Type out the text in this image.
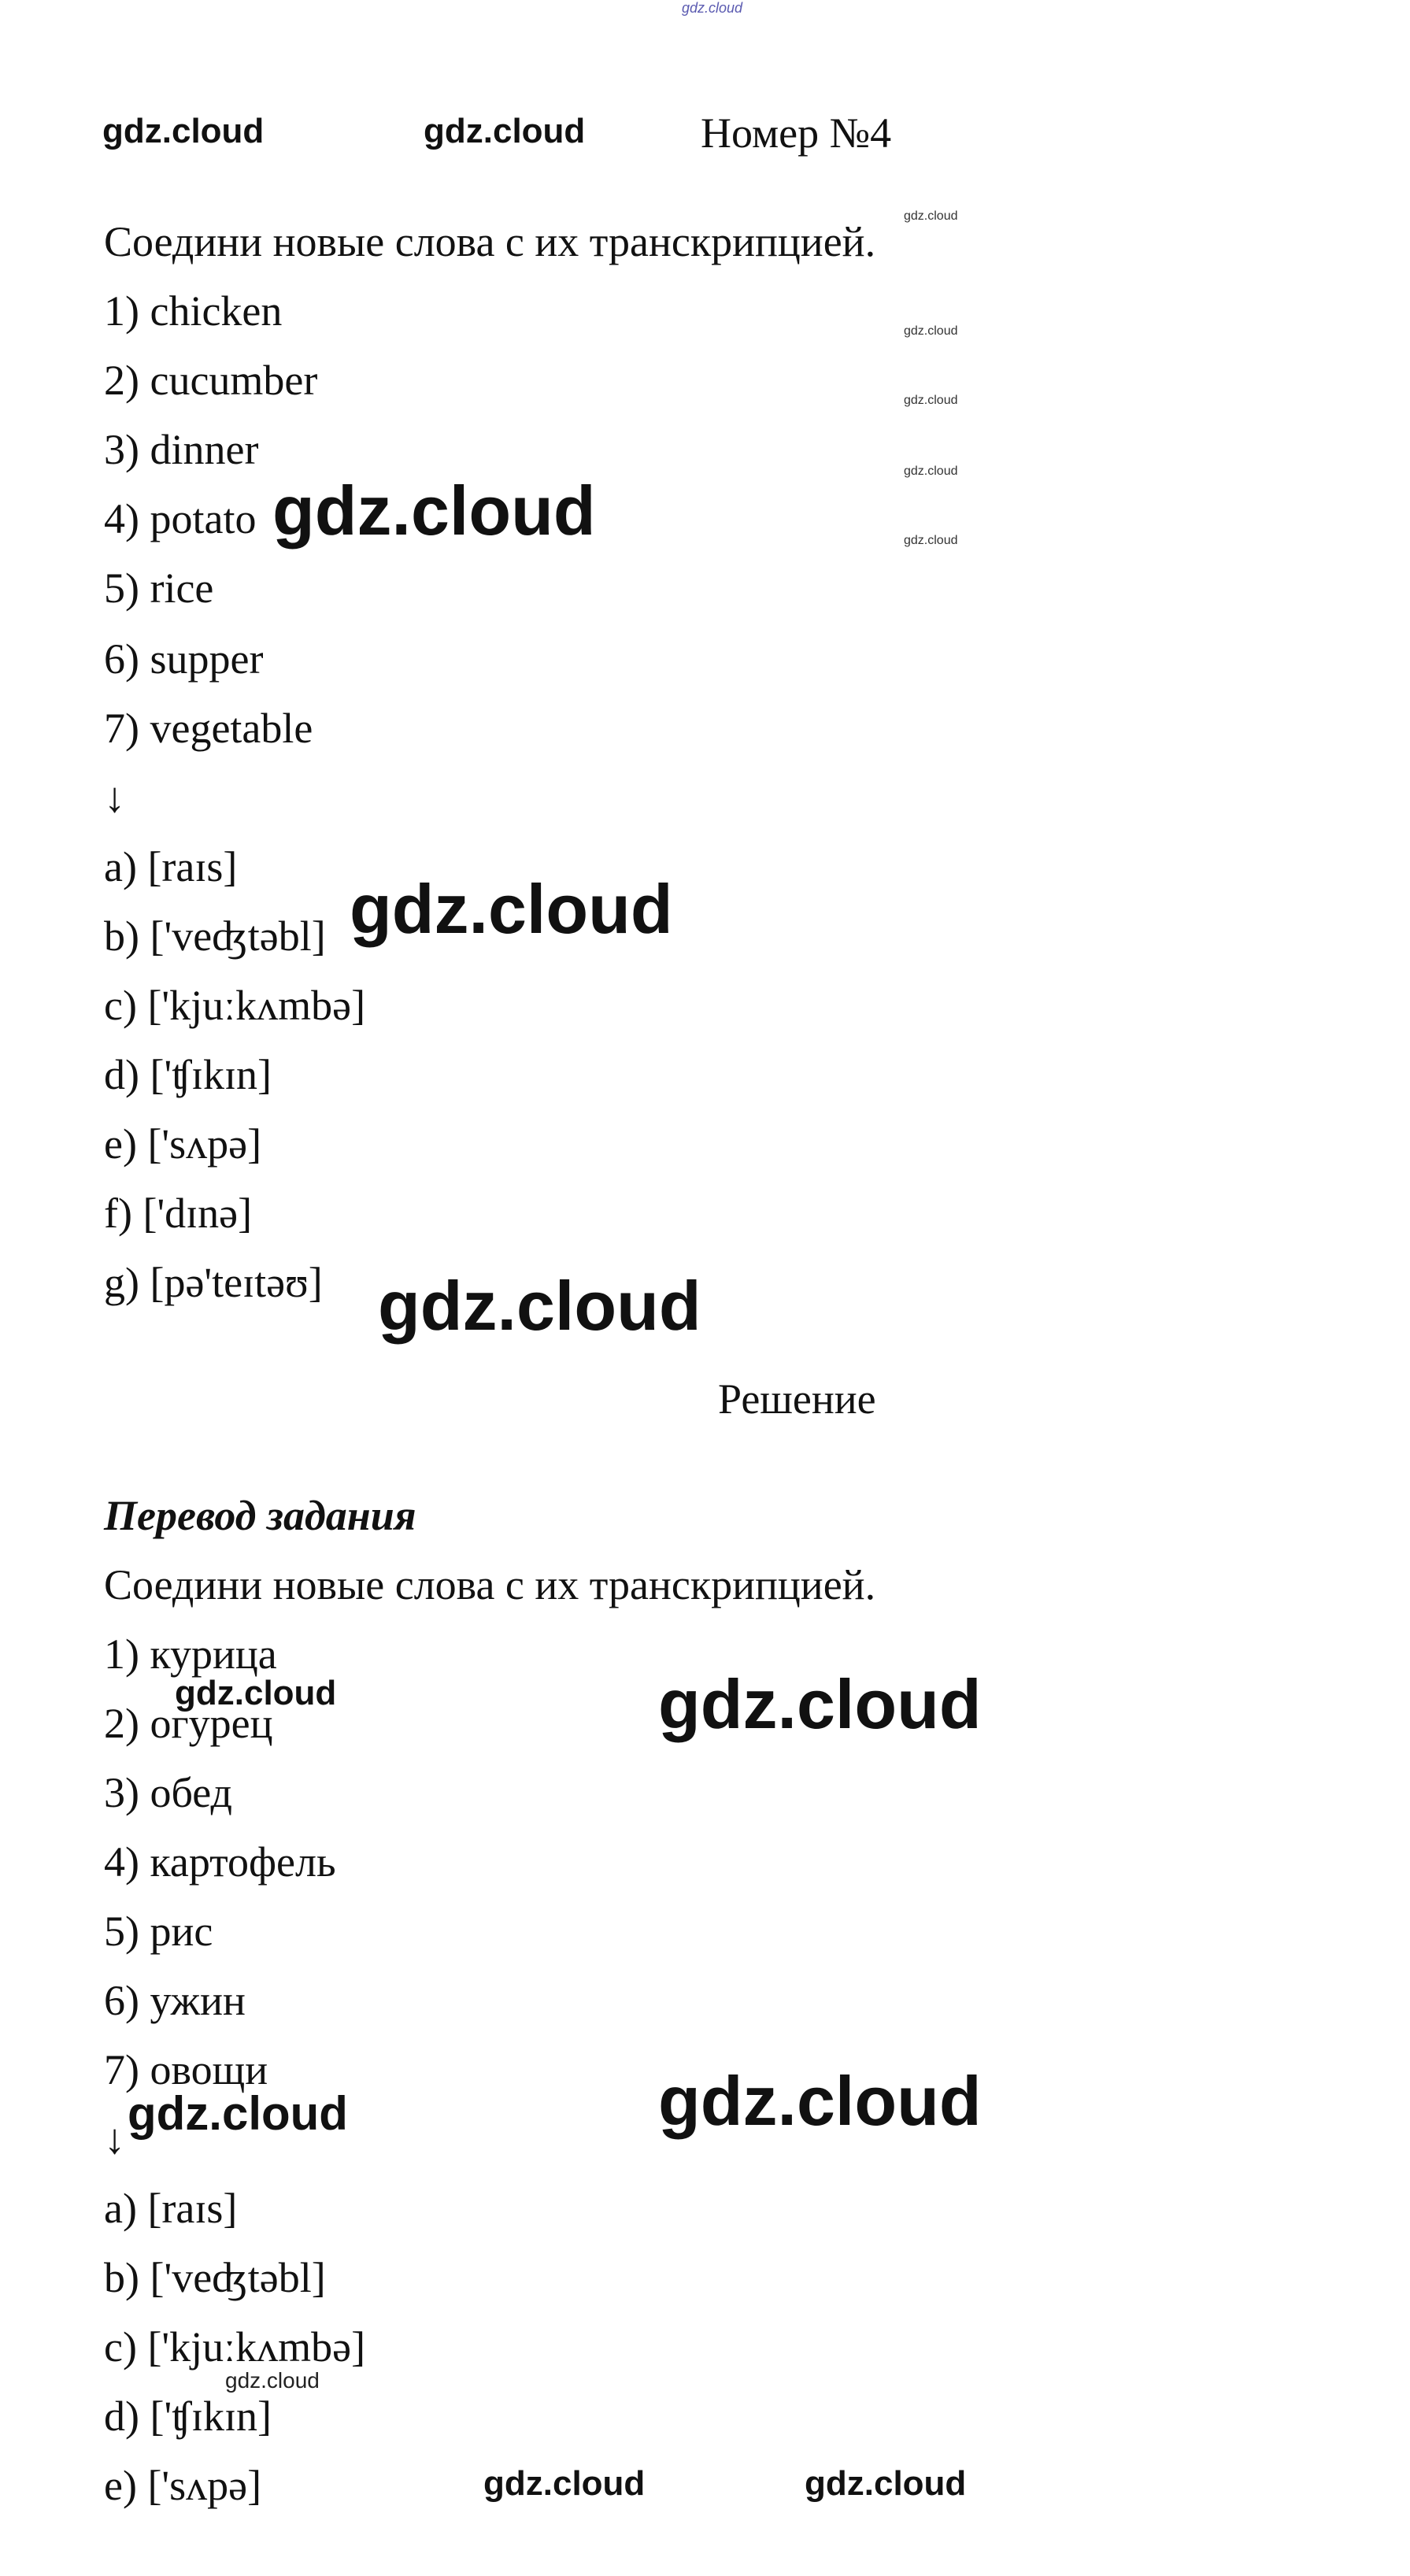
gdz.cloud
gdz.cloud	gdz.cloud	Номер №4
gdz.cloud
gdz.cloud
gdz.cloud
gdz.cloud
gdz.cloud
Соедини новые слова с их транскрипцией.
1) chicken
2) cucumber
3) dinner
4) potato
5) rice
6) supper
7) vegetable
↓
gdz.cloud
a) [raɪs]
b) ['veʤtəbl]
c) ['kjuːkʌmbə]
d) ['ʧɪkɪn]
e) ['sʌpə]
f) ['dɪnə]
g) [pə'teɪtəʊ]
gdz.cloud
gdz.cloud
Решение
Перевод задания
Соедини новые слова с их транскрипцией.
1) курица
2) огурец
3) обед
4) картофель
5) рис
6) ужин
7) овощи
↓
a) [raɪs]
b) ['veʤtəbl]
c) ['kjuːkʌmbə]
d) ['ʧɪkɪn]
e) ['sʌpə]
gdz.cloud	gdz.cloud
gdz.cloud	gdz.cloud
gdz.cloud
gdz.cloud	gdz.cloud
